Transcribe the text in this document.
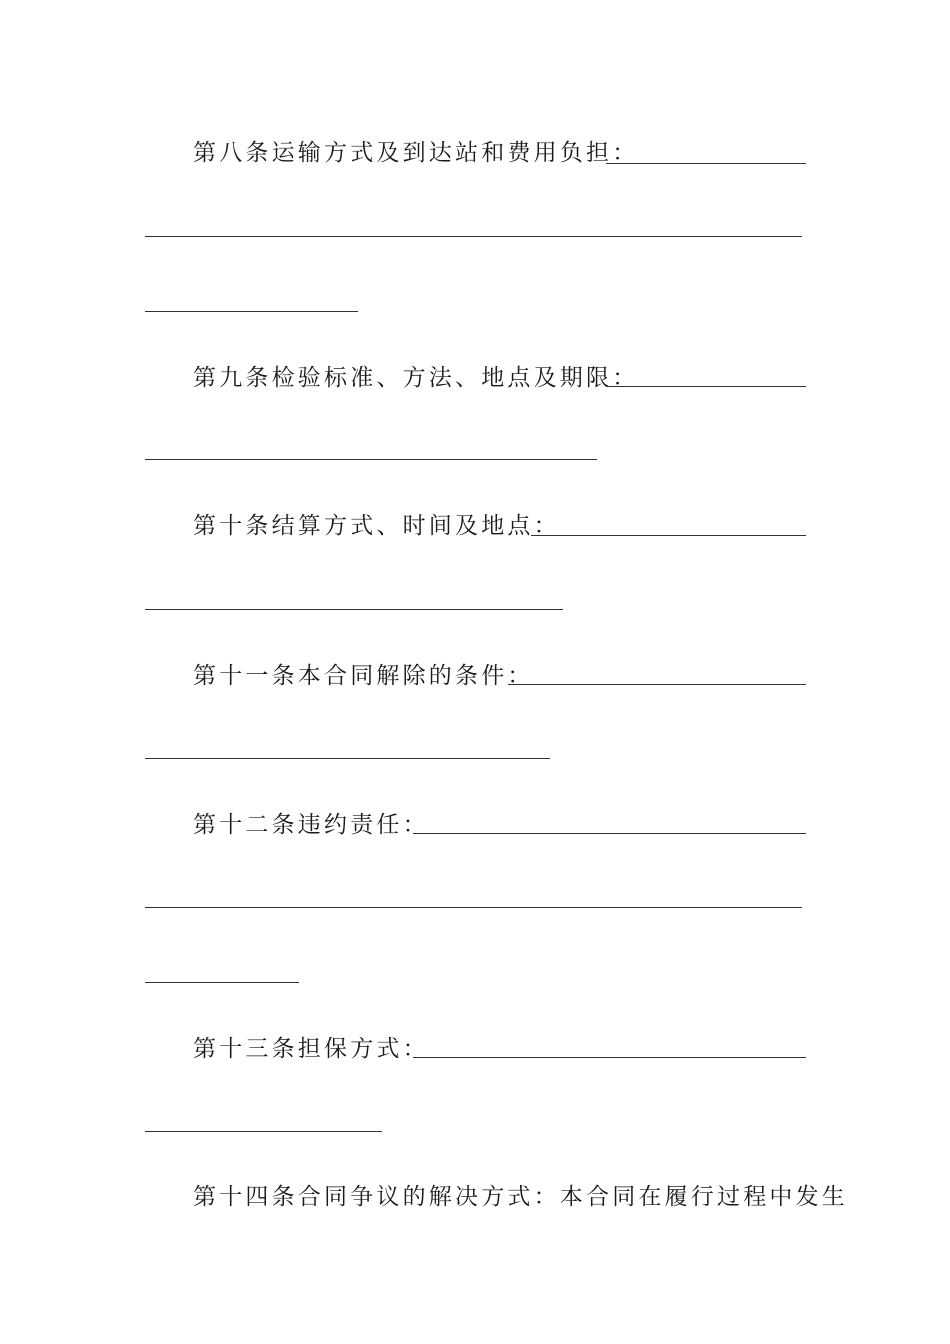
第八条运输方式及到达站和费用负担：
第九条检验标准、方法、地点及期限：
第十条结算方式、时间及地点：
第十一条本合同解除的条件：
第十二条违约责任：
第十三条担保方式：
第十四条合同争议的解决方式：本合同在履行过程中发生
